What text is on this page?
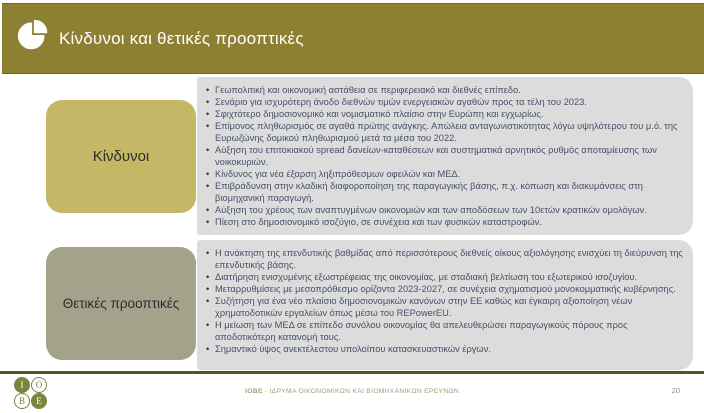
Κίνδυνοι και θετικές προοπτικές
Κίνδυνοι
• Γεωπολιτική και οικονομική αστάθεια σε περιφερειακό και διεθνές επίπεδο.
• Σενάριο για ισχυρότερη άνοδο διεθνών τιμών ενεργειακών αγαθών προς τα τέλη του 2023.
• Σφιχτότερο δημοσιονομικό και νομισματικό πλαίσιο στην Ευρώπη και εγχωρίως.
• Επίμονος πληθωρισμός σε αγαθά πρώτης ανάγκης. Απώλεια ανταγωνιστικότητας λόγω υψηλότερου του μ.ό. της Ευρωζώνης δομικού πληθωρισμού μετά τα μέσα του 2022.
• Αύξηση του επιτοκιακού spread δανείων-καταθέσεων και συστηματικά αρνητικός ρυθμός αποταμίευσης των νοικοκυριών.
• Κίνδυνος για νέα έξαρση ληξιπρόθεσμων οφειλών και ΜΕΔ.
• Επιβράδυνση στην κλαδική διαφοροποίηση της παραγωγικής βάσης, π.χ. κόπωση και διακυμάνσεις στη βιομηχανική παραγωγή.
• Αύξηση του χρέους των αναπτυγμένων οικονομιών και των αποδόσεων των 10ετών κρατικών ομολόγων.
• Πίεση στο δημοσιονομικό ισοζύγιο, σε συνέχεια και των φυσικών καταστροφών.
Θετικές προοπτικές
• Η ανάκτηση της επενδυτικής βαθμίδας από περισσότερους διεθνείς οίκους αξιολόγησης ενισχύει τη διεύρυνση της επενδυτικής βάσης.
• Διατήρηση ενισχυμένης εξωστρέφειας της οικονομίας, με σταδιακή βελτίωση του εξωτερικού ισοζυγίου.
• Μεταρρυθμίσεις με μεσοπρόθεσμο ορίζοντα 2023-2027, σε συνέχεια σχηματισμού μονοκομματικής κυβέρνησης.
• Συζήτηση για ένα νέο πλαίσιο δημοσιονομικών κανόνων στην ΕΕ καθώς και έγκαιρη αξιοποίηση νέων χρηματοδοτικών εργαλείων όπως μέσω του REPowerEU.
• Η μείωση των ΜΕΔ σε επίπεδο συνόλου οικονομίας θα απελευθερώσει παραγωγικούς πόρους προς αποδοτικότερη κατανομή τους.
• Σημαντικό ύψος ανεκτέλεστου υπολοίπου κατασκευαστικών έργων.
Ι	Ο
Β	Ε
ΙΟΒΕ - ΙΔΡΥΜΑ ΟΙΚΟΝΟΜΙΚΩΝ ΚΑΙ ΒΙΟΜΗΧΑΝΙΚΩΝ ΕΡΕΥΝΩΝ	20
